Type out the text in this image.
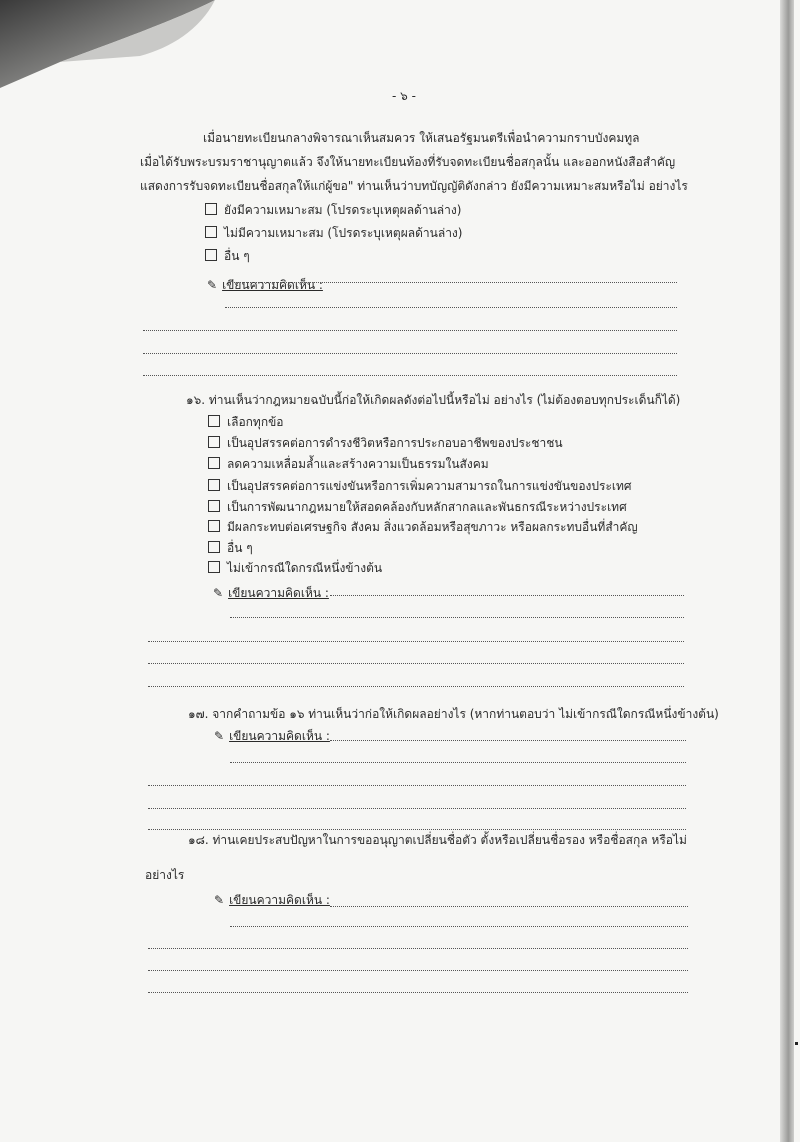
- ๖ -
เมื่อนายทะเบียนกลางพิจารณาเห็นสมควร ให้เสนอรัฐมนตรีเพื่อนำความกราบบังคมทูล
เมื่อได้รับพระบรมราชานุญาตแล้ว จึงให้นายทะเบียนท้องที่รับจดทะเบียนชื่อสกุลนั้น และออกหนังสือสำคัญ
แสดงการรับจดทะเบียนชื่อสกุลให้แก่ผู้ขอ" ท่านเห็นว่าบทบัญญัติดังกล่าว ยังมีความเหมาะสมหรือไม่ อย่างไร
ยังมีความเหมาะสม (โปรดระบุเหตุผลด้านล่าง)
ไม่มีความเหมาะสม (โปรดระบุเหตุผลด้านล่าง)
อื่น ๆ
✎ เขียนความคิดเห็น :
๑๖. ท่านเห็นว่ากฎหมายฉบับนี้ก่อให้เกิดผลดังต่อไปนี้หรือไม่ อย่างไร (ไม่ต้องตอบทุกประเด็นก็ได้)
เลือกทุกข้อ
เป็นอุปสรรคต่อการดำรงชีวิตหรือการประกอบอาชีพของประชาชน
ลดความเหลื่อมล้ำและสร้างความเป็นธรรมในสังคม
เป็นอุปสรรคต่อการแข่งขันหรือการเพิ่มความสามารถในการแข่งขันของประเทศ
เป็นการพัฒนากฎหมายให้สอดคล้องกับหลักสากลและพันธกรณีระหว่างประเทศ
มีผลกระทบต่อเศรษฐกิจ สังคม สิ่งแวดล้อมหรือสุขภาวะ หรือผลกระทบอื่นที่สำคัญ
อื่น ๆ
ไม่เข้ากรณีใดกรณีหนึ่งข้างต้น
✎ เขียนความคิดเห็น :
๑๗. จากคำถามข้อ ๑๖ ท่านเห็นว่าก่อให้เกิดผลอย่างไร (หากท่านตอบว่า ไม่เข้ากรณีใดกรณีหนึ่งข้างต้น)
✎ เขียนความคิดเห็น :
๑๘. ท่านเคยประสบปัญหาในการขออนุญาตเปลี่ยนชื่อตัว ตั้งหรือเปลี่ยนชื่อรอง หรือชื่อสกุล หรือไม่
อย่างไร
✎ เขียนความคิดเห็น :
